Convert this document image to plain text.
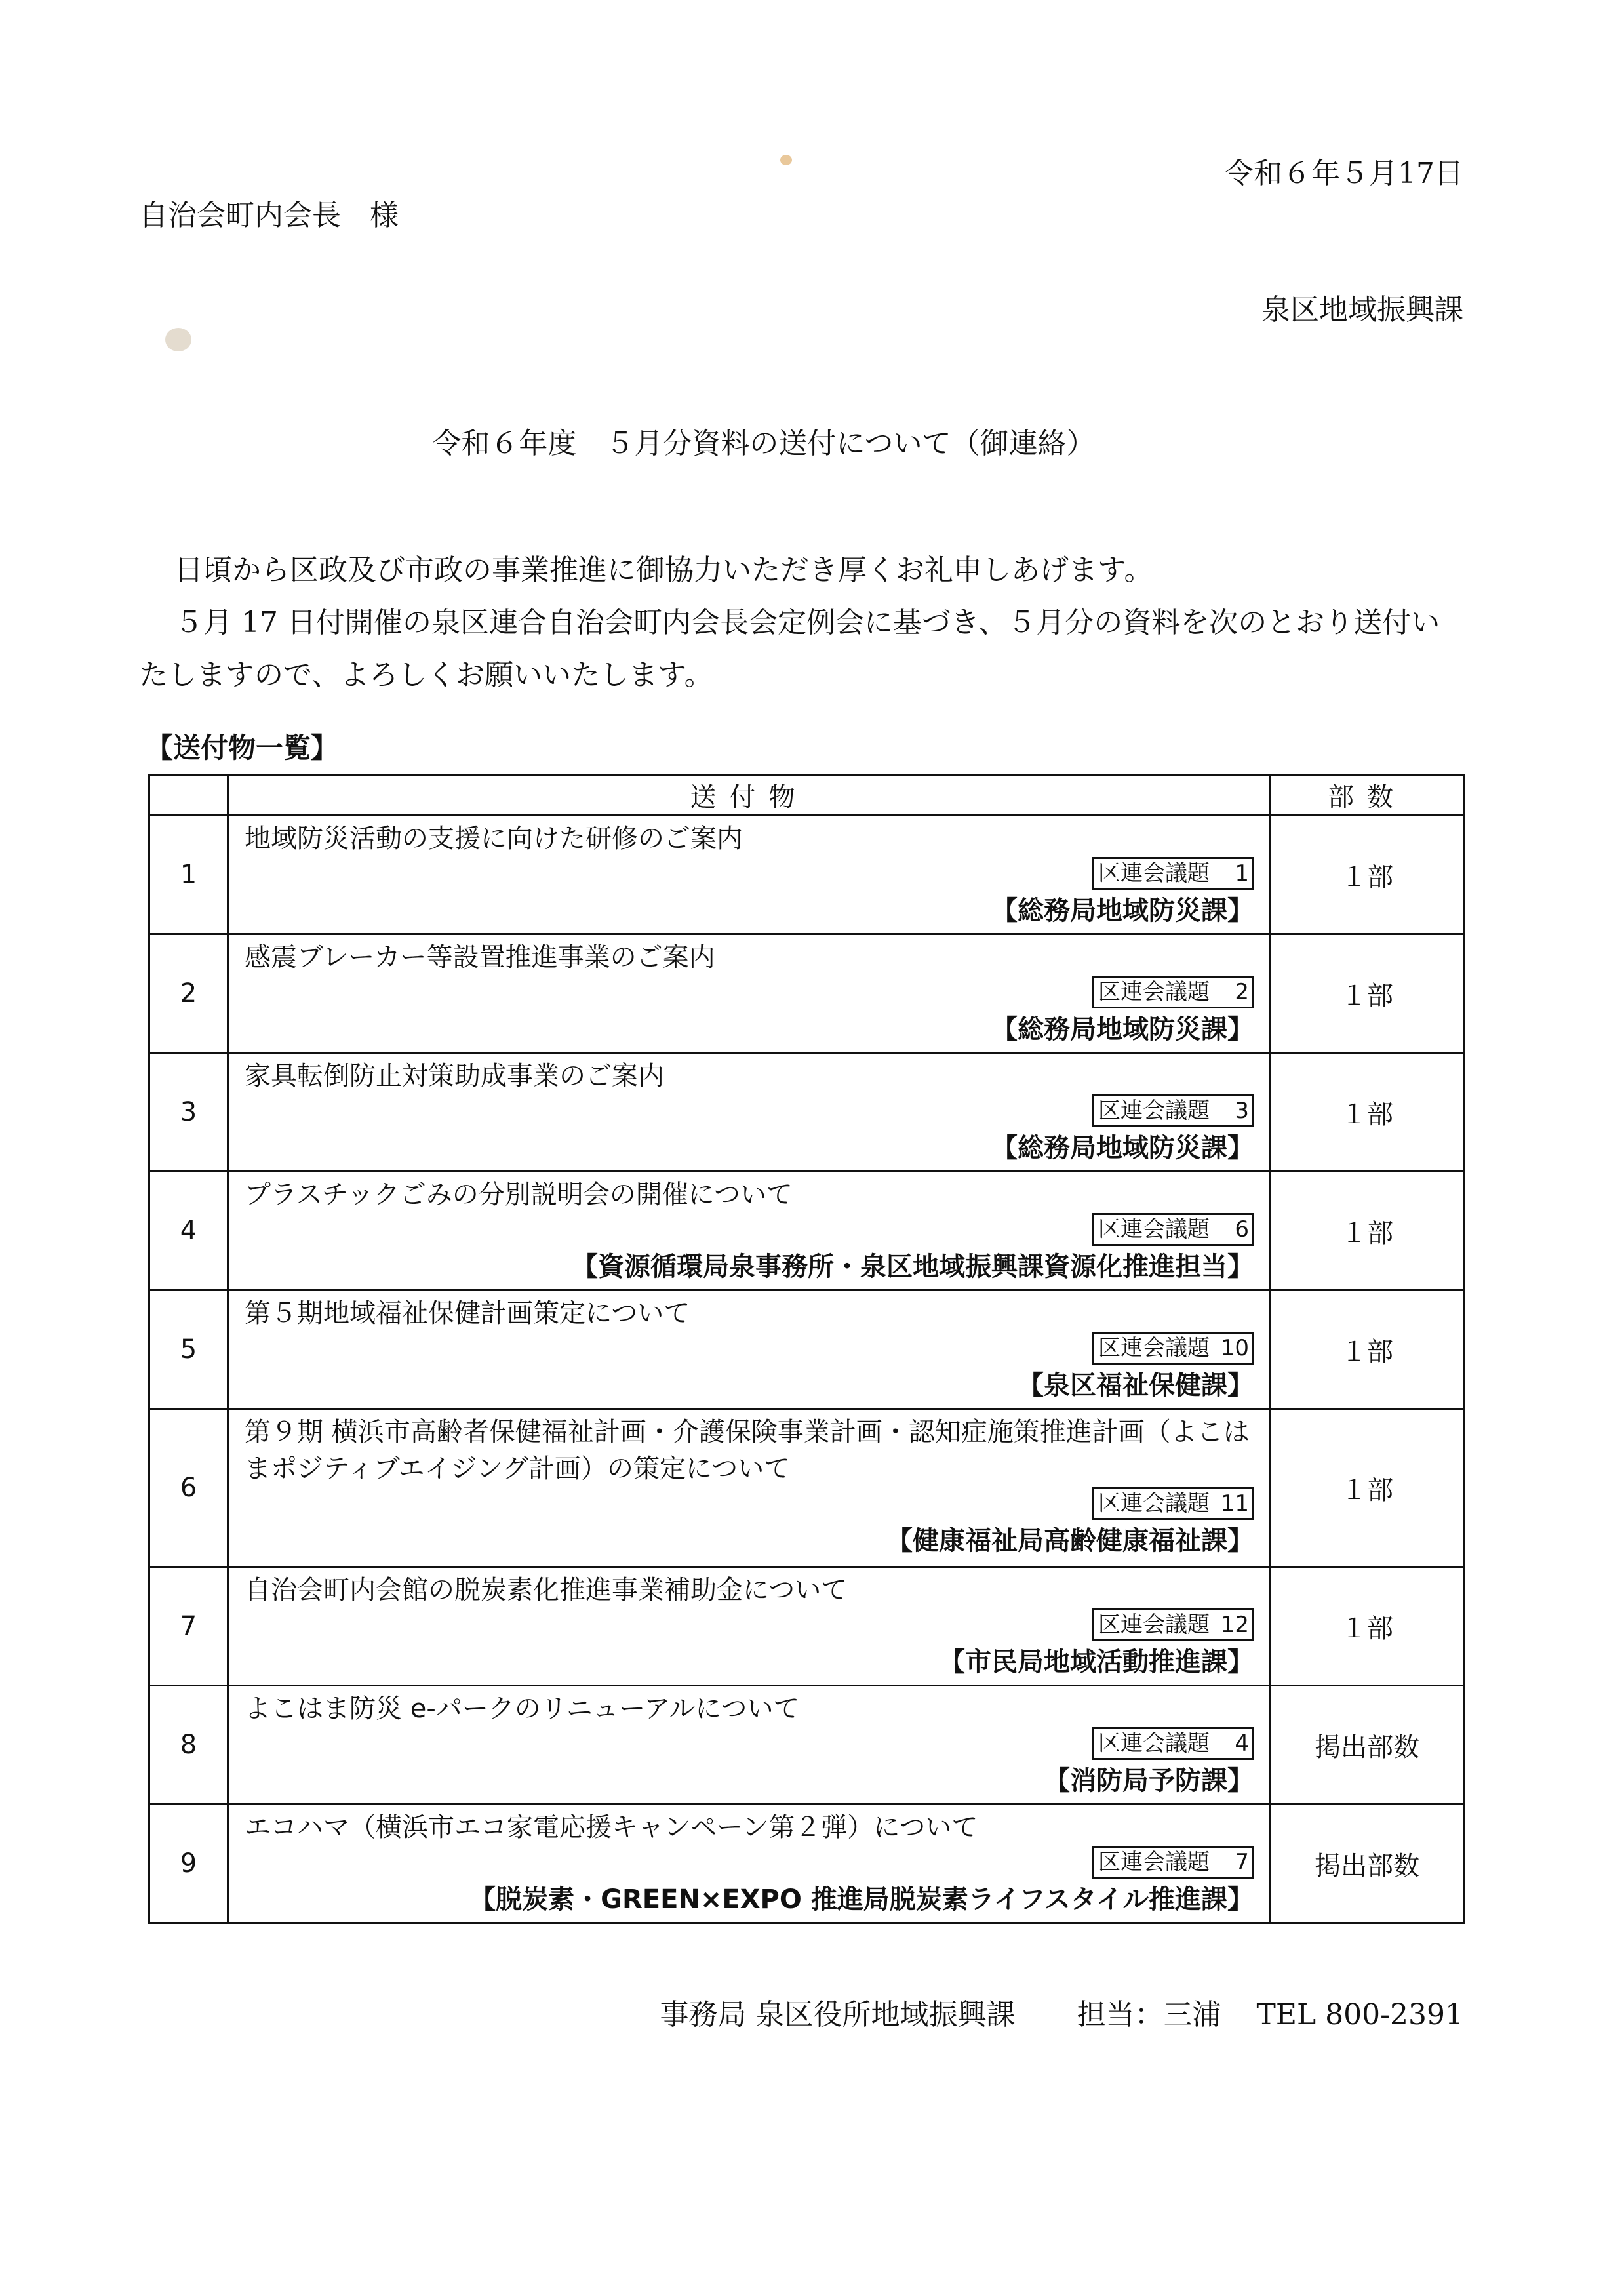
令和６年５月17日
自治会町内会長　様
泉区地域振興課
令和６年度　５月分資料の送付について（御連絡）

日頃から区政及び市政の事業推進に御協力いただき厚くお礼申しあげます。

５月 17 日付開催の泉区連合自治会町内会長会定例会に基づき、５月分の資料を次のとおり送付いたしますので、よろしくお願いいたします。

【送付物一覧】
	送付物	部数
1	地域防災活動の支援に向けた研修のご案内
区連会議題 1
【総務局地域防災課】	１部
2	感震ブレーカー等設置推進事業のご案内
区連会議題 2
【総務局地域防災課】	１部
3	家具転倒防止対策助成事業のご案内
区連会議題 3
【総務局地域防災課】	１部
4	プラスチックごみの分別説明会の開催について
区連会議題 6
【資源循環局泉事務所・泉区地域振興課資源化推進担当】	１部
5	第５期地域福祉保健計画策定について
区連会議題 10
【泉区福祉保健課】	１部
6	第９期 横浜市高齢者保健福祉計画・介護保険事業計画・認知症施策推進計画（よこはまポジティブエイジング計画）の策定について
区連会議題 11
【健康福祉局高齢健康福祉課】	１部
7	自治会町内会館の脱炭素化推進事業補助金について
区連会議題 12
【市民局地域活動推進課】	１部
8	よこはま防災 e-パークのリニューアルについて
区連会議題 4
【消防局予防課】	掲出部数
9	エコハマ（横浜市エコ家電応援キャンペーン第２弾）について
区連会議題 7
【脱炭素・GREEN×EXPO 推進局脱炭素ライフスタイル推進課】	掲出部数
事務局 泉区役所地域振興課 担当：三浦 TEL 800-2391
